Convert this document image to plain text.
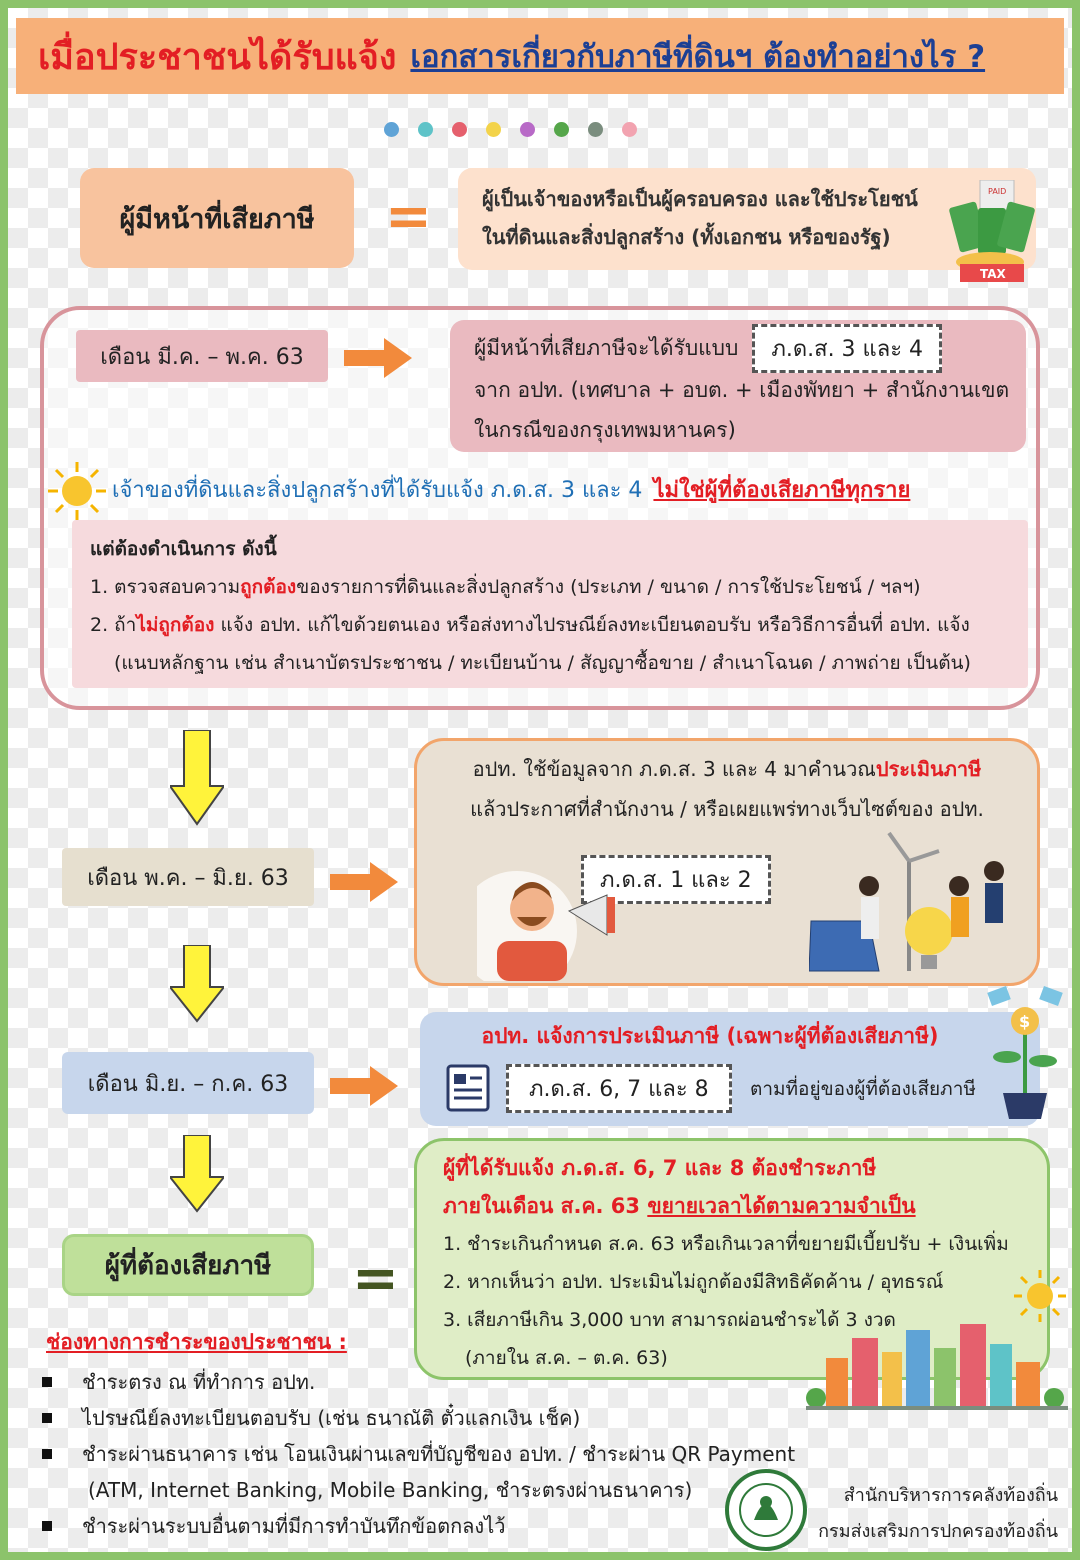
เมื่อประชาชนได้รับแจ้ง เอกสารเกี่ยวกับภาษีที่ดินฯ ต้องทำอย่างไร ?
ผู้มีหน้าที่เสียภาษี =	ผู้เป็นเจ้าของหรือเป็นผู้ครอบครอง และใช้ประโยชน์
ในที่ดินและสิ่งปลูกสร้าง (ทั้งเอกชน หรือของรัฐ)
PAID
TAX
เดือน มี.ค. – พ.ค. 63	ผู้มีหน้าที่เสียภาษีจะได้รับแบบ	ภ.ด.ส. 3 และ 4
จาก อปท. (เทศบาล + อบต. + เมืองพัทยา + สำนักงานเขต
ในกรณีของกรุงเทพมหานคร)
เจ้าของที่ดินและสิ่งปลูกสร้างที่ได้รับแจ้ง ภ.ด.ส. 3 และ 4 ไม่ใช่ผู้ที่ต้องเสียภาษีทุกราย
แต่ต้องดำเนินการ ดังนี้
1. ตรวจสอบความถูกต้องของรายการที่ดินและสิ่งปลูกสร้าง (ประเภท / ขนาด / การใช้ประโยชน์ / ฯลฯ)
2. ถ้าไม่ถูกต้อง แจ้ง อปท. แก้ไขด้วยตนเอง หรือส่งทางไปรษณีย์ลงทะเบียนตอบรับ หรือวิธีการอื่นที่ อปท. แจ้ง
(แนบหลักฐาน เช่น สำเนาบัตรประชาชน / ทะเบียนบ้าน / สัญญาซื้อขาย / สำเนาโฉนด / ภาพถ่าย เป็นต้น)
เดือน พ.ค. – มิ.ย. 63
อปท. ใช้ข้อมูลจาก ภ.ด.ส. 3 และ 4 มาคำนวณประเมินภาษี
แล้วประกาศที่สำนักงาน / หรือเผยแพร่ทางเว็บไซต์ของ อปท.
ภ.ด.ส. 1 และ 2
เดือน มิ.ย. – ก.ค. 63
อปท. แจ้งการประเมินภาษี (เฉพาะผู้ที่ต้องเสียภาษี)
ภ.ด.ส. 6, 7 และ 8	ตามที่อยู่ของผู้ที่ต้องเสียภาษี
$
ผู้ที่ต้องเสียภาษี =
ผู้ที่ได้รับแจ้ง ภ.ด.ส. 6, 7 และ 8 ต้องชำระภาษี
ภายในเดือน ส.ค. 63 ขยายเวลาได้ตามความจำเป็น
1. ชำระเกินกำหนด ส.ค. 63 หรือเกินเวลาที่ขยายมีเบี้ยปรับ + เงินเพิ่ม
2. หากเห็นว่า อปท. ประเมินไม่ถูกต้องมีสิทธิคัดค้าน / อุทธรณ์
3. เสียภาษีเกิน 3,000 บาท สามารถผ่อนชำระได้ 3 งวด
(ภายใน ส.ค. – ต.ค. 63)
ช่องทางการชำระของประชาชน :
ชำระตรง ณ ที่ทำการ อปท.
ไปรษณีย์ลงทะเบียนตอบรับ (เช่น ธนาณัติ ตั๋วแลกเงิน เช็ค)
ชำระผ่านธนาคาร เช่น โอนเงินผ่านเลขที่บัญชีของ อปท. / ชำระผ่าน QR Payment
(ATM, Internet Banking, Mobile Banking, ชำระตรงผ่านธนาคาร)
ชำระผ่านระบบอื่นตามที่มีการทำบันทึกข้อตกลงไว้
สำนักบริหารการคลังท้องถิ่น
กรมส่งเสริมการปกครองท้องถิ่น
